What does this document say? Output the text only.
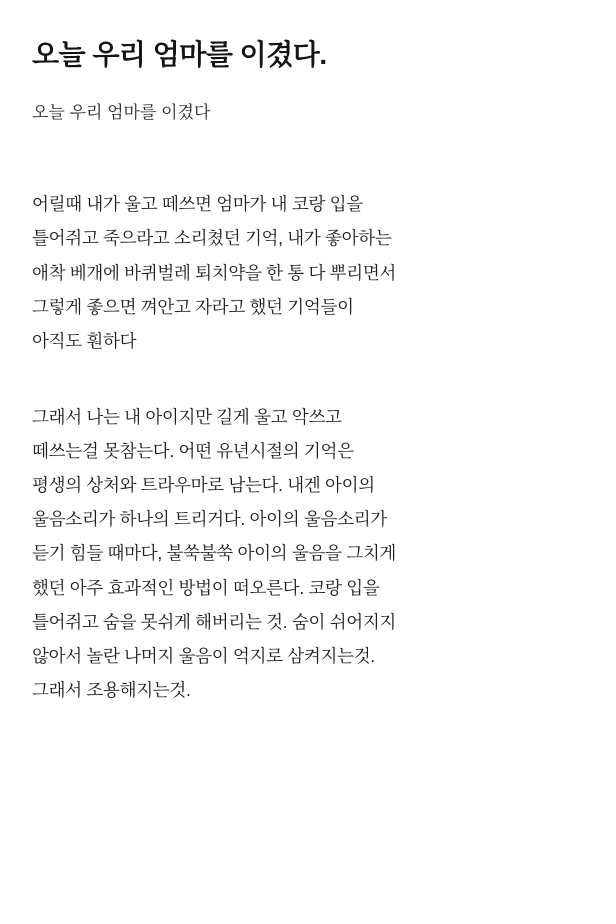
오늘 우리 엄마를 이겼다.
오늘 우리 엄마를 이겼다

어릴때 내가 울고 떼쓰면 엄마가 내 코랑 입을
틀어쥐고 죽으라고 소리쳤던 기억, 내가 좋아하는
애착 베개에 바퀴벌레 퇴치약을 한 통 다 뿌리면서
그렇게 좋으면 껴안고 자라고 했던 기억들이
아직도 훤하다

그래서 나는 내 아이지만 길게 울고 악쓰고
떼쓰는걸 못참는다. 어떤 유년시절의 기억은
평생의 상처와 트라우마로 남는다. 내겐 아이의
울음소리가 하나의 트리거다. 아이의 울음소리가
듣기 힘들 때마다, 불쑥불쑥 아이의 울음을 그치게
했던 아주 효과적인 방법이 떠오른다. 코랑 입을
틀어쥐고 숨을 못쉬게 해버리는 것. 숨이 쉬어지지
않아서 놀란 나머지 울음이 억지로 삼켜지는것.
그래서 조용해지는것.
